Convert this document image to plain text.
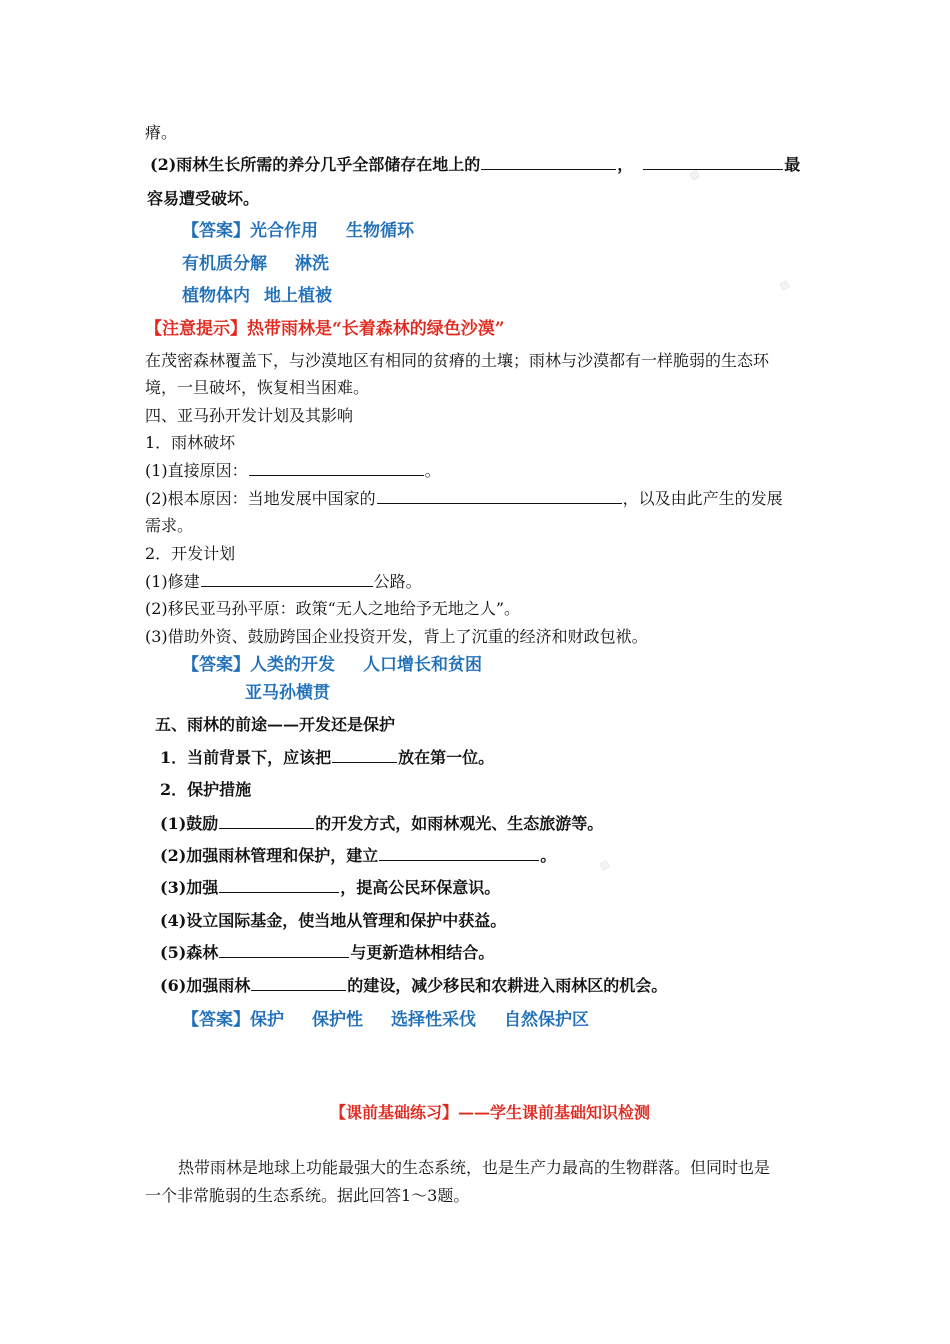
▨
▨
▨
瘠。
(2)雨林生长所需的养分几乎全部储存在地上的	，	最
容易遭受破坏。
【答案】光合作用 生物循环
有机质分解 淋洗
植物体内 地上植被
【注意提示】热带雨林是“长着森林的绿色沙漠”
在茂密森林覆盖下，与沙漠地区有相同的贫瘠的土壤；雨林与沙漠都有一样脆弱的生态环
境，一旦破坏，恢复相当困难。
四、亚马孙开发计划及其影响
1．雨林破坏
(1)直接原因：	。
(2)根本原因：当地发展中国家的	，以及由此产生的发展
需求。
2．开发计划
(1)修建	公路。
(2)移民亚马孙平原：政策“无人之地给予无地之人”。
(3)借助外资、鼓励跨国企业投资开发，背上了沉重的经济和财政包袱。
【答案】人类的开发 人口增长和贫困
亚马孙横贯
五、雨林的前途——开发还是保护
1．当前背景下，应该把	放在第一位。
2．保护措施
(1)鼓励	的开发方式，如雨林观光、生态旅游等。
(2)加强雨林管理和保护，建立	。
(3)加强	，提高公民环保意识。
(4)设立国际基金，使当地从管理和保护中获益。
(5)森林	与更新造林相结合。
(6)加强雨林	的建设，减少移民和农耕进入雨林区的机会。
【答案】保护 保护性 选择性采伐 自然保护区
【课前基础练习】——学生课前基础知识检测
热带雨林是地球上功能最强大的生态系统，也是生产力最高的生物群落。但同时也是
一个非常脆弱的生态系统。据此回答1～3题。
